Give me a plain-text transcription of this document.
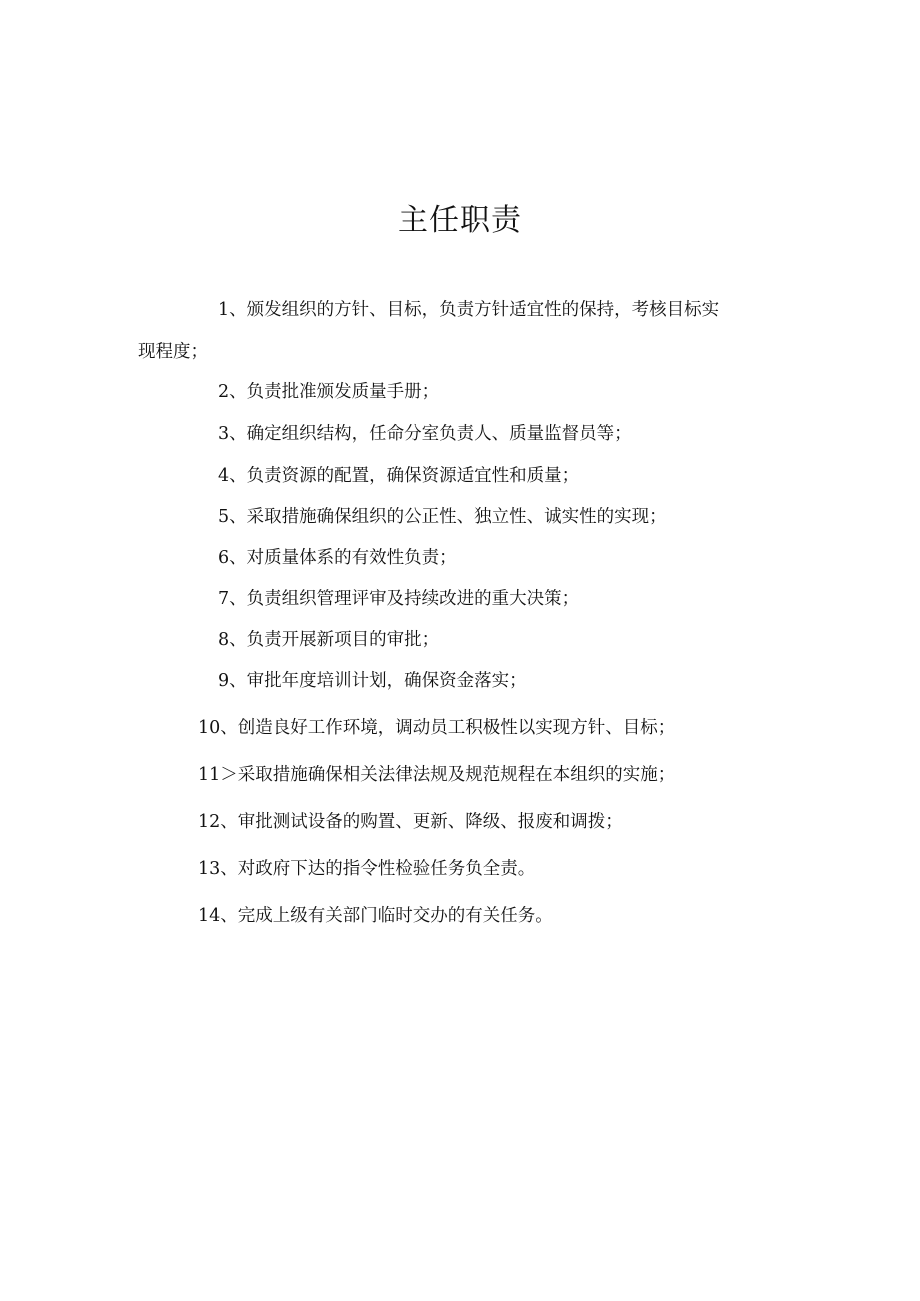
主任职责
1、颁发组织的方针、目标，负责方针适宜性的保持，考核目标实
现程度；
2、负责批准颁发质量手册；
3、确定组织结构，任命分室负责人、质量监督员等；
4、负责资源的配置，确保资源适宜性和质量；
5、采取措施确保组织的公正性、独立性、诚实性的实现；
6、对质量体系的有效性负责；
7、负责组织管理评审及持续改进的重大决策；
8、负责开展新项目的审批；
9、审批年度培训计划，确保资金落实；
10、创造良好工作环境，调动员工积极性以实现方针、目标；
11＞采取措施确保相关法律法规及规范规程在本组织的实施；
12、审批测试设备的购置、更新、降级、报废和调拨；
13、对政府下达的指令性检验任务负全责。
14、完成上级有关部门临时交办的有关任务。
